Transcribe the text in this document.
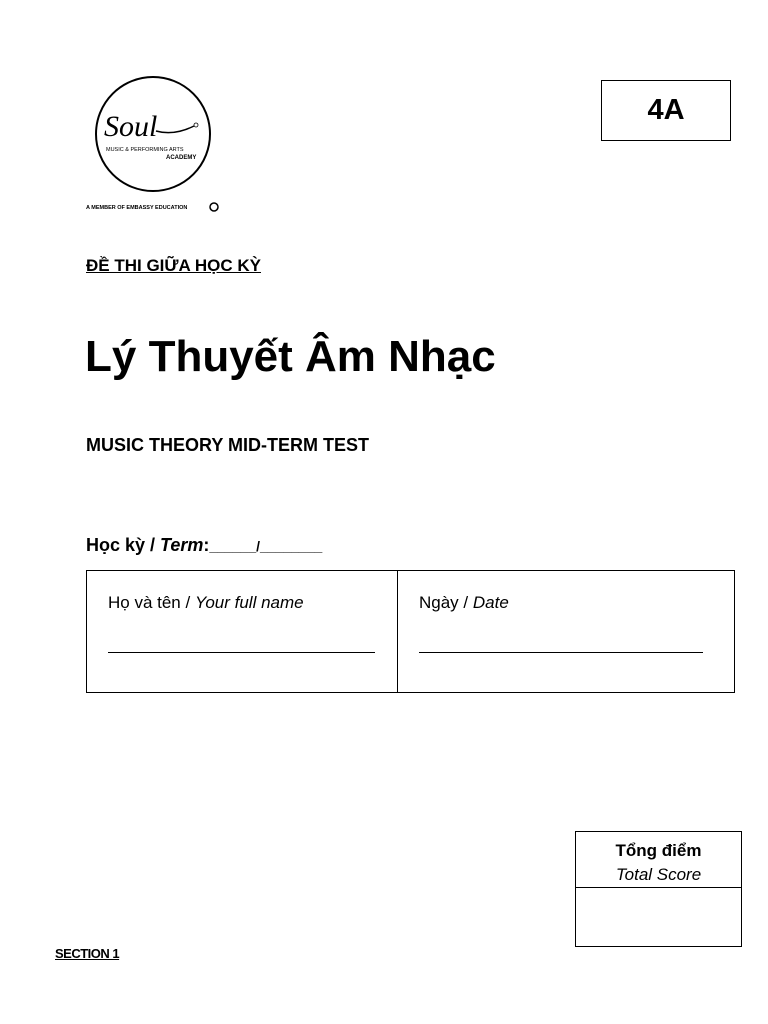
Soul
MUSIC & PERFORMING ARTS
ACADEMY
A MEMBER OF EMBASSY EDUCATION
4A
ĐỀ THI GIỮA HỌC KỲ
Lý Thuyết Âm Nhạc
MUSIC THEORY MID-TERM TEST
Học kỳ / Term:______/________
Họ và tên / Your full name	Ngày / Date
Tổng điểm
Total Score
SECTION 1
